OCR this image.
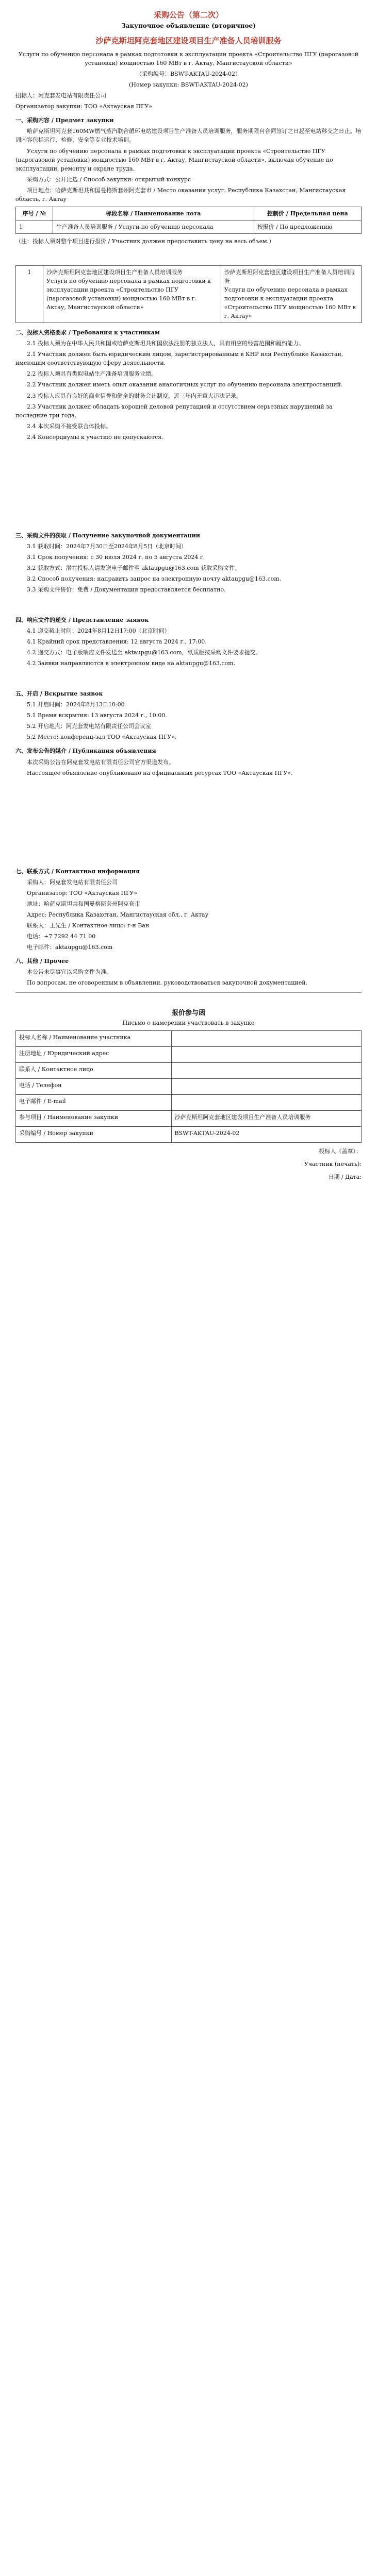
采购公告（第二次）
Закупочное объявление (вторичное)
沙萨克斯坦阿克套地区建设项目生产准备人员培训服务

Услуги по обучению персонала в рамках подготовки к эксплуатации проекта «Строительство ПГУ (парогазовой установки) мощностью 160 МВт в г. Актау, Мангистауской области»

（采购编号：BSWT-AKTAU-2024-02）

(Номер закупки: BSWT-AKTAU-2024-02)

招标人：阿克套发电站有限责任公司

Организатор закупки: ТОО «Актауская ПГУ»

一、采购内容 / Предмет закупки

哈萨克斯坦阿克套160MW燃气蒸汽联合循环电站建设项目生产准备人员培训服务，服务期限自合同签订之日起至电站移交之日止。培训内容包括运行、检修、安全等专业技术培训。

Услуги по обучению персонала в рамках подготовки к эксплуатации проекта «Строительство ПГУ (парогазовой установки) мощностью 160 МВт в г. Актау, Мангистауской области», включая обучение по эксплуатации, ремонту и охране труда.

采购方式：公开比选 / Способ закупки: открытый конкурс

项目地点：哈萨克斯坦共和国曼格斯套州阿克套市 / Место оказания услуг: Республика Казахстан, Мангистауская область, г. Актау

序号 / №	标段名称 / Наименование лота	控制价 / Предельная цена
1	生产准备人员培训服务 / Услуги по обучению персонала	按报价 / По предложению

（注：投标人须对整个项目进行报价 / Участник должен предоставить цену на весь объем.）

1	沙萨克斯坦阿克套地区建设项目生产准备人员培训服务
Услуги по обучению персонала в рамках подготовки к эксплуатации проекта «Строительство ПГУ (парогазовой установки) мощностью 160 МВт в г. Актау, Мангистауской области»	沙萨克斯坦阿克套地区建设项目生产准备人员培训服务
Услуги по обучению персонала в рамках подготовки к эксплуатации проекта «Строительство ПГУ мощностью 160 МВт в г. Актау»

二、投标人资格要求 / Требования к участникам

2.1 投标人须为在中华人民共和国或哈萨克斯坦共和国依法注册的独立法人，具有相应的经营范围和履约能力。

2.1 Участник должен быть юридическим лицом, зарегистрированным в КНР или Республике Казахстан, имеющим соответствующую сферу деятельности.

2.2 投标人须具有类似电站生产准备培训服务业绩。

2.2 Участник должен иметь опыт оказания аналогичных услуг по обучению персонала электростанций.

2.3 投标人应具有良好的商业信誉和健全的财务会计制度，近三年内无重大违法记录。

2.3 Участник должен обладать хорошей деловой репутацией и отсутствием серьезных нарушений за последние три года.

2.4 本次采购不接受联合体投标。

2.4 Консорциумы к участию не допускаются.

三、采购文件的获取 / Получение закупочной документации

3.1 获取时间：2024年7月30日至2024年8月5日（北京时间）

3.1 Срок получения: с 30 июля 2024 г. по 5 августа 2024 г.

3.2 获取方式：潜在投标人请发送电子邮件至 aktaupgu@163.com 获取采购文件。

3.2 Способ получения: направить запрос на электронную почту aktaupgu@163.com.

3.3 采购文件售价：免费 / Документация предоставляется бесплатно.

四、响应文件的递交 / Представление заявок

4.1 递交截止时间：2024年8月12日17:00（北京时间）

4.1 Крайний срок представления: 12 августа 2024 г., 17:00.

4.2 递交方式：电子版响应文件发送至 aktaupgu@163.com，纸质版按采购文件要求提交。

4.2 Заявки направляются в электронном виде на aktaupgu@163.com.

五、开启 / Вскрытие заявок

5.1 开启时间：2024年8月13日10:00

5.1 Время вскрытия: 13 августа 2024 г., 10:00.

5.2 开启地点：阿克套发电站有限责任公司会议室

5.2 Место: конференц-зал ТОО «Актауская ПГУ».

六、发布公告的媒介 / Публикация объявления

本次采购公告在阿克套发电站有限责任公司官方渠道发布。

Настоящее объявление опубликовано на официальных ресурсах ТОО «Актауская ПГУ».

七、联系方式 / Контактная информация

采购人：阿克套发电站有限责任公司

Организатор: ТОО «Актауская ПГУ»

地址：哈萨克斯坦共和国曼格斯套州阿克套市

Адрес: Республика Казахстан, Мангистауская обл., г. Актау

联系人：王先生 / Контактное лицо: г-н Ван

电话：+7 7292 44 71 00

电子邮件：aktaupgu@163.com

八、其他 / Прочее

本公告未尽事宜以采购文件为准。

По вопросам, не оговоренным в объявлении, руководствоваться закупочной документацией.

报价参与函
Письмо о намерении участвовать в закупке
投标人名称 / Наименование участника	
注册地址 / Юридический адрес	
联系人 / Контактное лицо	
电话 / Телефон	
电子邮件 / E-mail	
参与项目 / Наименование закупки	沙萨克斯坦阿克套地区建设项目生产准备人员培训服务
采购编号 / Номер закупки	BSWT-AKTAU-2024-02

投标人（盖章）：

Участник (печать):

日期 / Дата:
